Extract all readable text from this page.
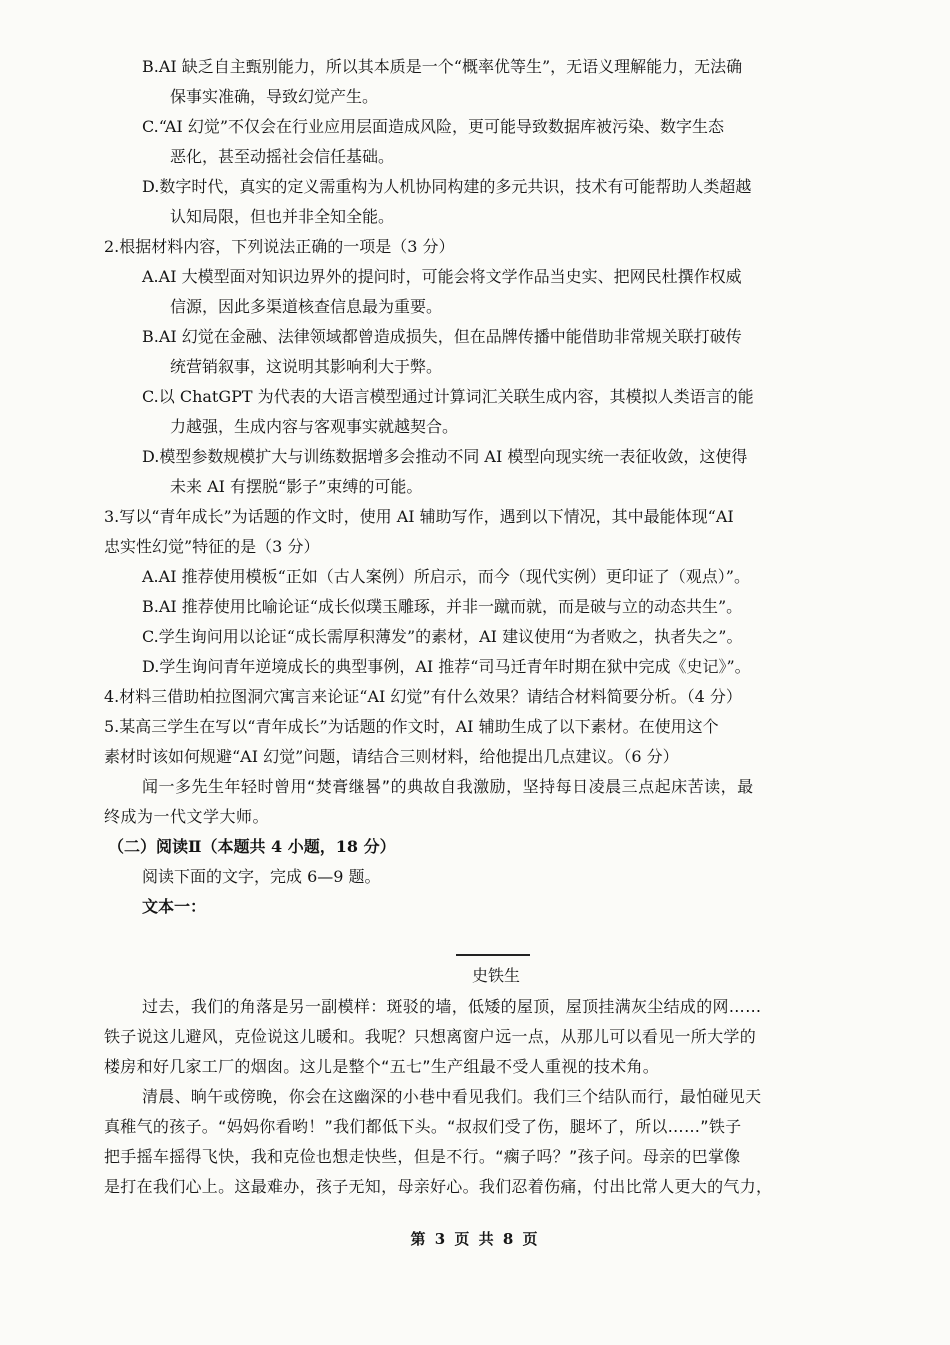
B.AI 缺乏自主甄别能力，所以其本质是一个“概率优等生”，无语义理解能力，无法确
保事实准确，导致幻觉产生。
C.“AI 幻觉”不仅会在行业应用层面造成风险，更可能导致数据库被污染、数字生态
恶化，甚至动摇社会信任基础。
D.数字时代，真实的定义需重构为人机协同构建的多元共识，技术有可能帮助人类超越
认知局限，但也并非全知全能。
2.根据材料内容，下列说法正确的一项是（3 分）
A.AI 大模型面对知识边界外的提问时，可能会将文学作品当史实、把网民杜撰作权威
信源，因此多渠道核查信息最为重要。
B.AI 幻觉在金融、法律领域都曾造成损失，但在品牌传播中能借助非常规关联打破传
统营销叙事，这说明其影响利大于弊。
C.以 ChatGPT 为代表的大语言模型通过计算词汇关联生成内容，其模拟人类语言的能
力越强，生成内容与客观事实就越契合。
D.模型参数规模扩大与训练数据增多会推动不同 AI 模型向现实统一表征收敛，这使得
未来 AI 有摆脱“影子”束缚的可能。
3.写以“青年成长”为话题的作文时，使用 AI 辅助写作，遇到以下情况，其中最能体现“AI
忠实性幻觉”特征的是（3 分）
A.AI 推荐使用模板“正如（古人案例）所启示，而今（现代实例）更印证了（观点）”。
B.AI 推荐使用比喻论证“成长似璞玉雕琢，并非一蹴而就，而是破与立的动态共生”。
C.学生询问用以论证“成长需厚积薄发”的素材，AI 建议使用“为者败之，执者失之”。
D.学生询问青年逆境成长的典型事例，AI 推荐“司马迁青年时期在狱中完成《史记》”。
4.材料三借助柏拉图洞穴寓言来论证“AI 幻觉”有什么效果？请结合材料简要分析。（4 分）
5.某高三学生在写以“青年成长”为话题的作文时，AI 辅助生成了以下素材。在使用这个
素材时该如何规避“AI 幻觉”问题，请结合三则材料，给他提出几点建议。（6 分）
闻一多先生年轻时曾用“焚膏继晷”的典故自我激励，坚持每日凌晨三点起床苦读，最
终成为一代文学大师。
（二）阅读Ⅱ（本题共 4 小题，18 分）
阅读下面的文字，完成 6—9 题。
文本一：
史铁生
过去，我们的角落是另一副模样：斑驳的墙，低矮的屋顶，屋顶挂满灰尘结成的网……
铁子说这儿避风，克俭说这儿暖和。我呢？只想离窗户远一点，从那儿可以看见一所大学的
楼房和好几家工厂的烟囱。这儿是整个“五七”生产组最不受人重视的技术角。
清晨、晌午或傍晚，你会在这幽深的小巷中看见我们。我们三个结队而行，最怕碰见天
真稚气的孩子。“妈妈你看哟！”我们都低下头。“叔叔们受了伤，腿坏了，所以……”铁子
把手摇车摇得飞快，我和克俭也想走快些，但是不行。“瘸子吗？”孩子问。母亲的巴掌像
是打在我们心上。这最难办，孩子无知，母亲好心。我们忍着伤痛，付出比常人更大的气力，
第 3 页 共 8 页
